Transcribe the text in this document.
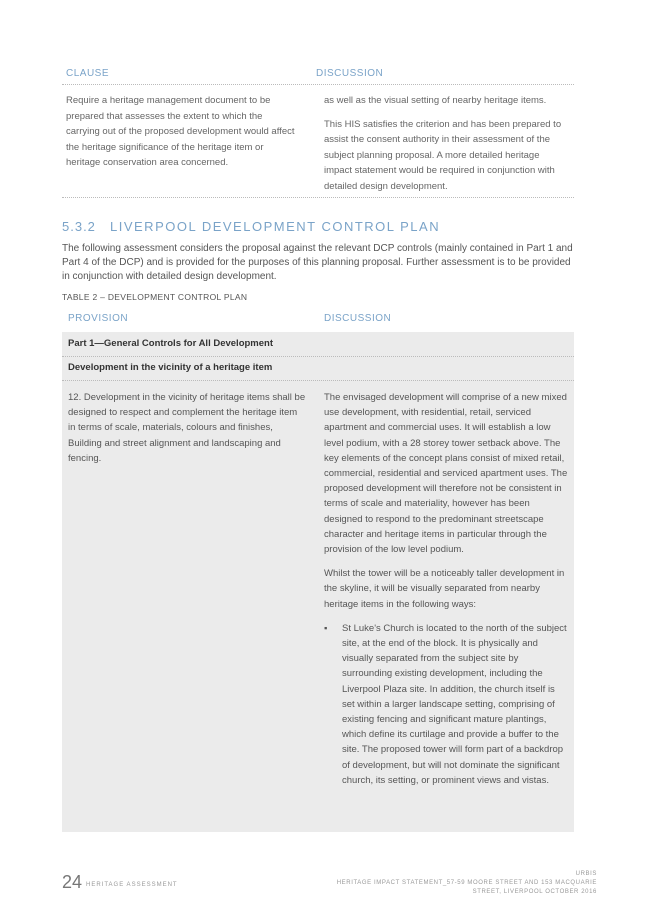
CLAUSE	DISCUSSION
Require a heritage management document to be prepared that assesses the extent to which the carrying out of the proposed development would affect the heritage significance of the heritage item or heritage conservation area concerned.

as well as the visual setting of nearby heritage items.

This HIS satisfies the criterion and has been prepared to assist the consent authority in their assessment of the subject planning proposal. A more detailed heritage impact statement would be required in conjunction with detailed design development.

5.3.2 LIVERPOOL DEVELOPMENT CONTROL PLAN

The following assessment considers the proposal against the relevant DCP controls (mainly contained in Part 1 and Part 4 of the DCP) and is provided for the purposes of this planning proposal. Further assessment is to be provided in conjunction with detailed design development.

TABLE 2 – DEVELOPMENT CONTROL PLAN
PROVISION	DISCUSSION
Part 1—General Controls for All Development
Development in the vicinity of a heritage item
12. Development in the vicinity of heritage items shall be designed to respect and complement the heritage item in terms of scale, materials, colours and finishes, Building and street alignment and landscaping and fencing.

The envisaged development will comprise of a new mixed use development, with residential, retail, serviced apartment and commercial uses. It will establish a low level podium, with a 28 storey tower setback above. The key elements of the concept plans consist of mixed retail, commercial, residential and serviced apartment uses. The proposed development will therefore not be consistent in terms of scale and materiality, however has been designed to respond to the predominant streetscape character and heritage items in particular through the provision of the low level podium.

Whilst the tower will be a noticeably taller development in the skyline, it will be visually separated from nearby heritage items in the following ways:

▪ St Luke's Church is located to the north of the subject site, at the end of the block. It is physically and visually separated from the subject site by surrounding existing development, including the Liverpool Plaza site. In addition, the church itself is set within a larger landscape setting, comprising of existing fencing and significant mature plantings, which define its curtilage and provide a buffer to the site. The proposed tower will form part of a backdrop of development, but will not dominate the significant church, its setting, or prominent views and vistas.
24 HERITAGE ASSESSMENT
URBIS
HERITAGE IMPACT STATEMENT_57-59 MOORE STREET AND 153 MACQUARIE
STREET, LIVERPOOL OCTOBER 2016
